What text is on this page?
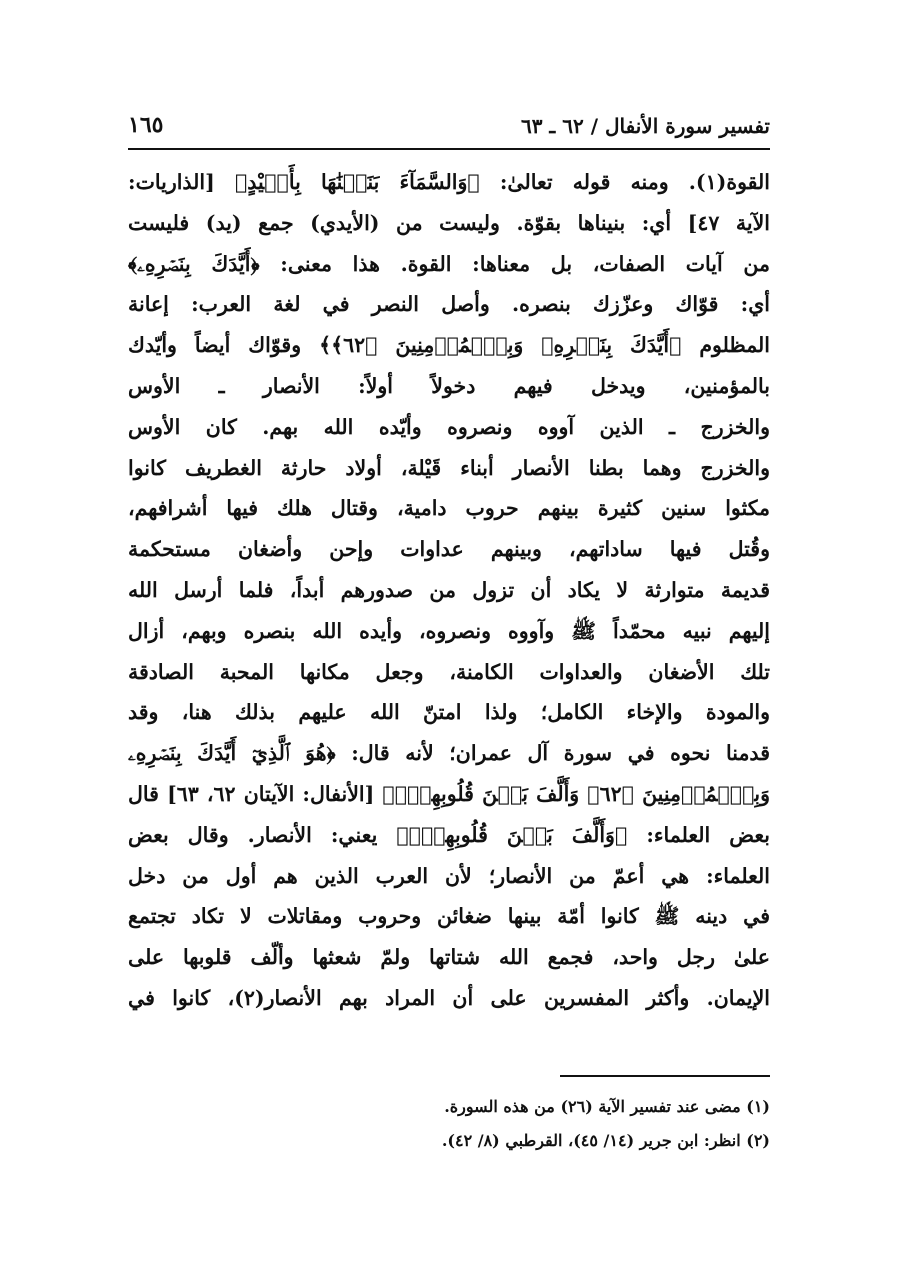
تفسير سورة الأنفال / ٦٢ ـ ٦٣
١٦٥
القوة(١). ومنه قوله تعالىٰ: ﴿وَالسَّمَآءَ بَنَيۡنَٰهَا بِأَيۡيْدٍ﴾ [الذاريات:
الآية ٤٧] أي: بنيناها بقوّة. وليست من (الأيدي) جمع (يد) فليست
من آيات الصفات، بل معناها: القوة. هذا معنى: ﴿أَيَّدَكَ بِنَصۡرِهِۦ﴾
أي: قوّاك وعزّزك بنصره. وأصل النصر في لغة العرب: إعانة
المظلوم ﴿أَيَّدَكَ بِنَصۡرِهِۦ وَبِٱلۡمُؤۡمِنِينَ ﴿٦٢﴾﴾ وقوّاك أيضاً وأيّدك
بالمؤمنين، ويدخل فيهم دخولاً أولاً: الأنصار ـ الأوس
والخزرج ـ الذين آووه ونصروه وأيّده الله بهم. كان الأوس
والخزرج وهما بطنا الأنصار أبناء قَيْلة، أولاد حارثة الغطريف كانوا
مكثوا سنين كثيرة بينهم حروب دامية، وقتال هلك فيها أشرافهم،
وقُتل فيها ساداتهم، وبينهم عداوات وإحن وأضغان مستحكمة
قديمة متوارثة لا يكاد أن تزول من صدورهم أبداً، فلما أرسل الله
إليهم نبيه محمّداً ﷺ وآووه ونصروه، وأيده الله بنصره وبهم، أزال
تلك الأضغان والعداوات الكامنة، وجعل مكانها المحبة الصادقة
والمودة والإخاء الكامل؛ ولذا امتنّ الله عليهم بذلك هنا، وقد
قدمنا نحوه في سورة آل عمران؛ لأنه قال: ﴿هُوَ ٱلَّذِيٓ أَيَّدَكَ بِنَصۡرِهِۦ
وَبِٱلۡمُؤۡمِنِينَ ﴿٦٢﴾ وَأَلَّفَ بَيۡنَ قُلُوبِهِمۡۚ﴾ [الأنفال: الآيتان ٦٢، ٦٣] قال
بعض العلماء: ﴿وَأَلَّفَ بَيۡنَ قُلُوبِهِمۡۚ﴾ يعني: الأنصار. وقال بعض
العلماء: هي أعمّ من الأنصار؛ لأن العرب الذين هم أول من دخل
في دينه ﷺ كانوا أمّة بينها ضغائن وحروب ومقاتلات لا تكاد تجتمع
علىٰ رجل واحد، فجمع الله شتاتها ولمّ شعثها وألّف قلوبها على
الإيمان. وأكثر المفسرين على أن المراد بهم الأنصار(٢)، كانوا في
(١) مضى عند تفسير الآية (٢٦) من هذه السورة.
(٢) انظر: ابن جرير (١٤/ ٤٥)، القرطبي (٨/ ٤٢).
